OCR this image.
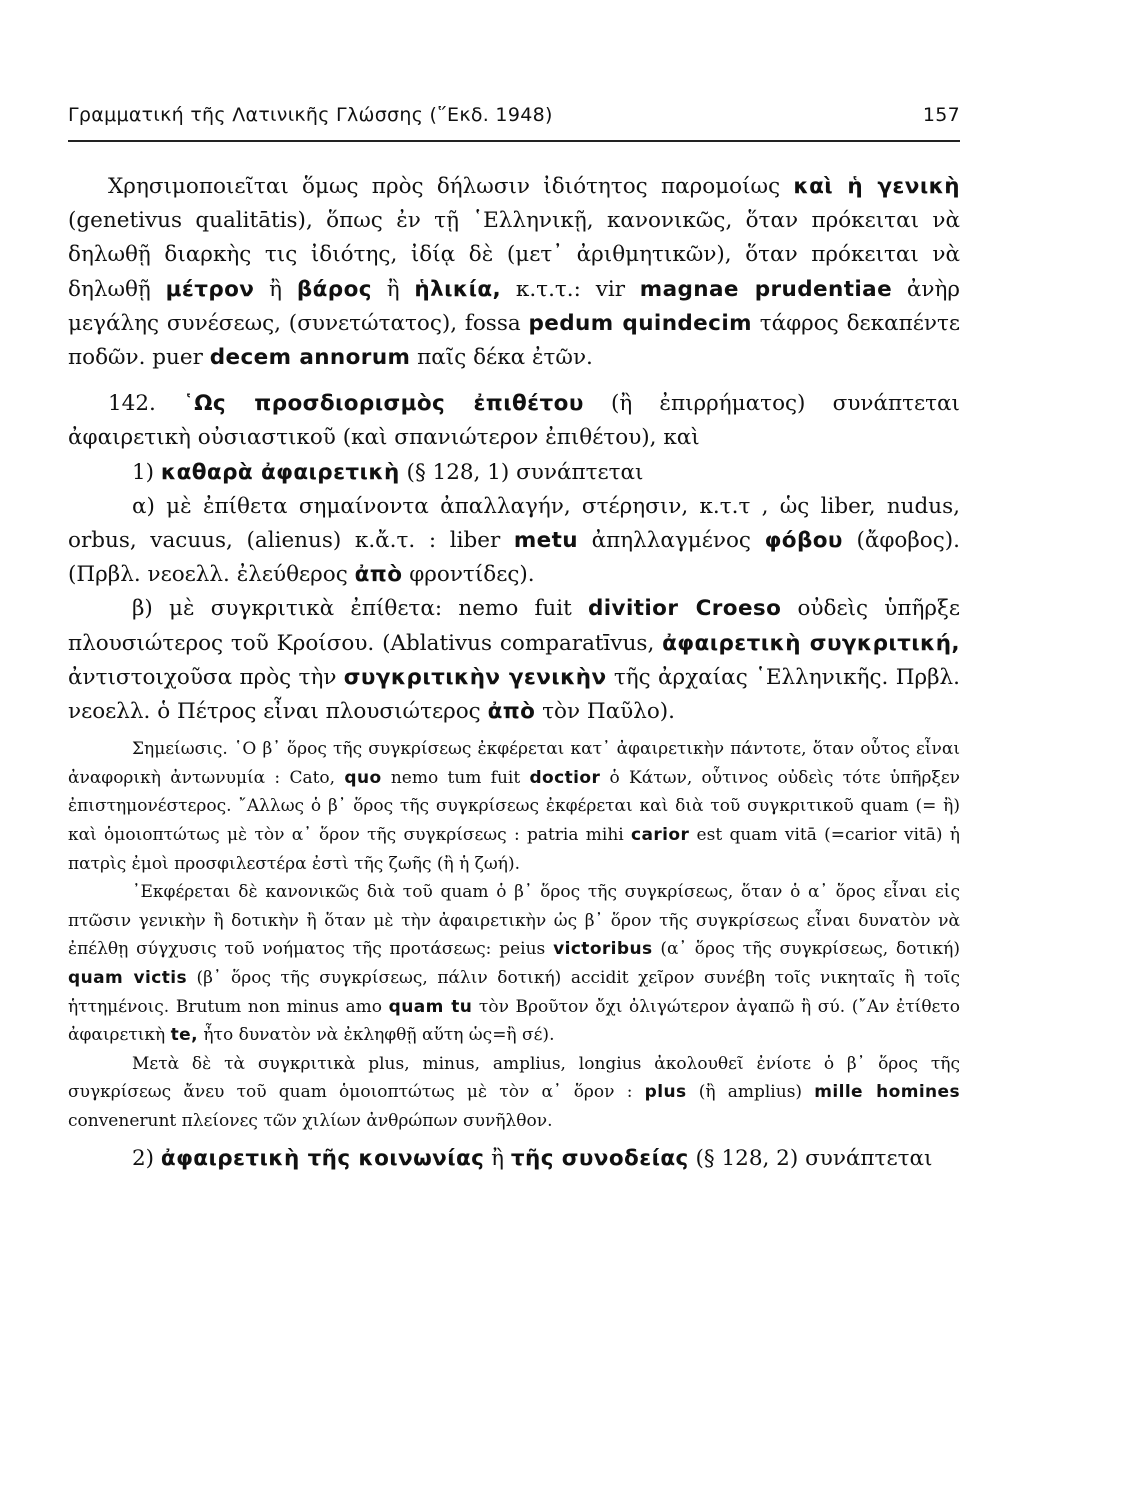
Γραμματική τῆς Λατινικῆς Γλώσσης (῞Εκδ. 1948)	157

Χρησιμοποιεῖται ὅμως πρὸς δήλωσιν ἰδιότητος παρομοίως καὶ ἡ γενικὴ (genetivus qualitātis), ὅπως ἐν τῇ ῾Ελληνικῇ, κανονικῶς, ὅταν πρόκειται νὰ δηλωθῇ διαρκὴς τις ἰδιότης, ἰδίᾳ δὲ (μετ᾽ ἀριθμητικῶν), ὅταν πρόκειται νὰ δηλωθῇ μέτρον ἢ βάρος ἢ ἡλικία, κ.τ.τ.: vir magnae prudentiae ἀνὴρ μεγάλης συνέσεως, (συνετώτατος), fossa pedum quindecim τάφρος δεκαπέντε ποδῶν. puer decem annorum παῖς δέκα ἐτῶν.

142. ῾Ως προσδιορισμὸς ἐπιθέτου (ἢ ἐπιρρήματος) συνάπτεται ἀφαιρετικὴ οὐσιαστικοῦ (καὶ σπανιώτερον ἐπιθέτου), καὶ

1) καθαρὰ ἀφαιρετικὴ (§ 128, 1) συνάπτεται

α) μὲ ἐπίθετα σημαίνοντα ἀπαλλαγήν, στέρησιν, κ.τ.τ , ὡς liber, nudus, orbus, vacuus, (alienus) κ.ἄ.τ. : liber metu ἀπηλλαγμένος φόβου (ἄφοβος). (Πρβλ. νεοελλ. ἐλεύθερος ἀπὸ φροντίδες).

β) μὲ συγκριτικὰ ἐπίθετα: nemo fuit divitior Croeso οὐδεὶς ὑπῆρξε πλουσιώτερος τοῦ Κροίσου. (Ablativus comparatīvus, ἀφαιρετικὴ συγκριτική, ἀντιστοιχοῦσα πρὸς τὴν συγκριτικὴν γενικὴν τῆς ἀρχαίας ῾Ελληνικῆς. Πρβλ. νεοελλ. ὁ Πέτρος εἶναι πλουσιώτερος ἀπὸ τὸν Παῦλο).

Σημείωσις. ῾Ο β᾽ ὅρος τῆς συγκρίσεως ἐκφέρεται κατ᾽ ἀφαιρετικὴν πάντοτε, ὅταν οὗτος εἶναι ἀναφορικὴ ἀντωνυμία : Cato, quo nemo tum fuit doctior ὁ Κάτων, οὗτινος οὐδεὶς τότε ὑπῆρξεν ἐπιστημονέστερος. ῎Αλλως ὁ β᾽ ὅρος τῆς συγκρίσεως ἐκφέρεται καὶ διὰ τοῦ συγκριτικοῦ quam (= ἢ) καὶ ὁμοιοπτώτως μὲ τὸν α᾽ ὅρον τῆς συγκρίσεως : patria mihi carior est quam vitā (=carior vitā) ἡ πατρὶς ἐμοὶ προσφιλεστέρα ἐστὶ τῆς ζωῆς (ἢ ἡ ζωή).

᾽Εκφέρεται δὲ κανονικῶς διὰ τοῦ quam ὁ β᾽ ὅρος τῆς συγκρίσεως, ὅταν ὁ α᾽ ὅρος εἶναι εἰς πτῶσιν γενικὴν ἢ δοτικὴν ἢ ὅταν μὲ τὴν ἀφαιρετικὴν ὡς β᾽ ὅρον τῆς συγκρίσεως εἶναι δυνατὸν νὰ ἐπέλθῃ σύγχυσις τοῦ νοήματος τῆς προτάσεως: peius victoribus (α᾽ ὅρος τῆς συγκρίσεως, δοτική) quam victis (β᾽ ὅρος τῆς συγκρίσεως, πάλιν δοτική) accidit χεῖρον συνέβη τοῖς νικηταῖς ἢ τοῖς ἡττημένοις. Brutum non minus amo quam tu τὸν Βροῦτον ὄχι ὀλιγώτερον ἀγαπῶ ἢ σύ. (῎Αν ἐτίθετο ἀφαιρετικὴ te, ἦτο δυνατὸν νὰ ἐκληφθῇ αὕτη ὡς=ἢ σέ).

Μετὰ δὲ τὰ συγκριτικὰ plus, minus, amplius, longius ἀκολουθεῖ ἐνίοτε ὁ β᾽ ὅρος τῆς συγκρίσεως ἄνευ τοῦ quam ὁμοιοπτώτως μὲ τὸν α᾽ ὅρον : plus (ἢ amplius) mille homines convenerunt πλείονες τῶν χιλίων ἀνθρώπων συνῆλθον.

2) ἀφαιρετικὴ τῆς κοινωνίας ἢ τῆς συνοδείας (§ 128, 2) συνάπτεται
